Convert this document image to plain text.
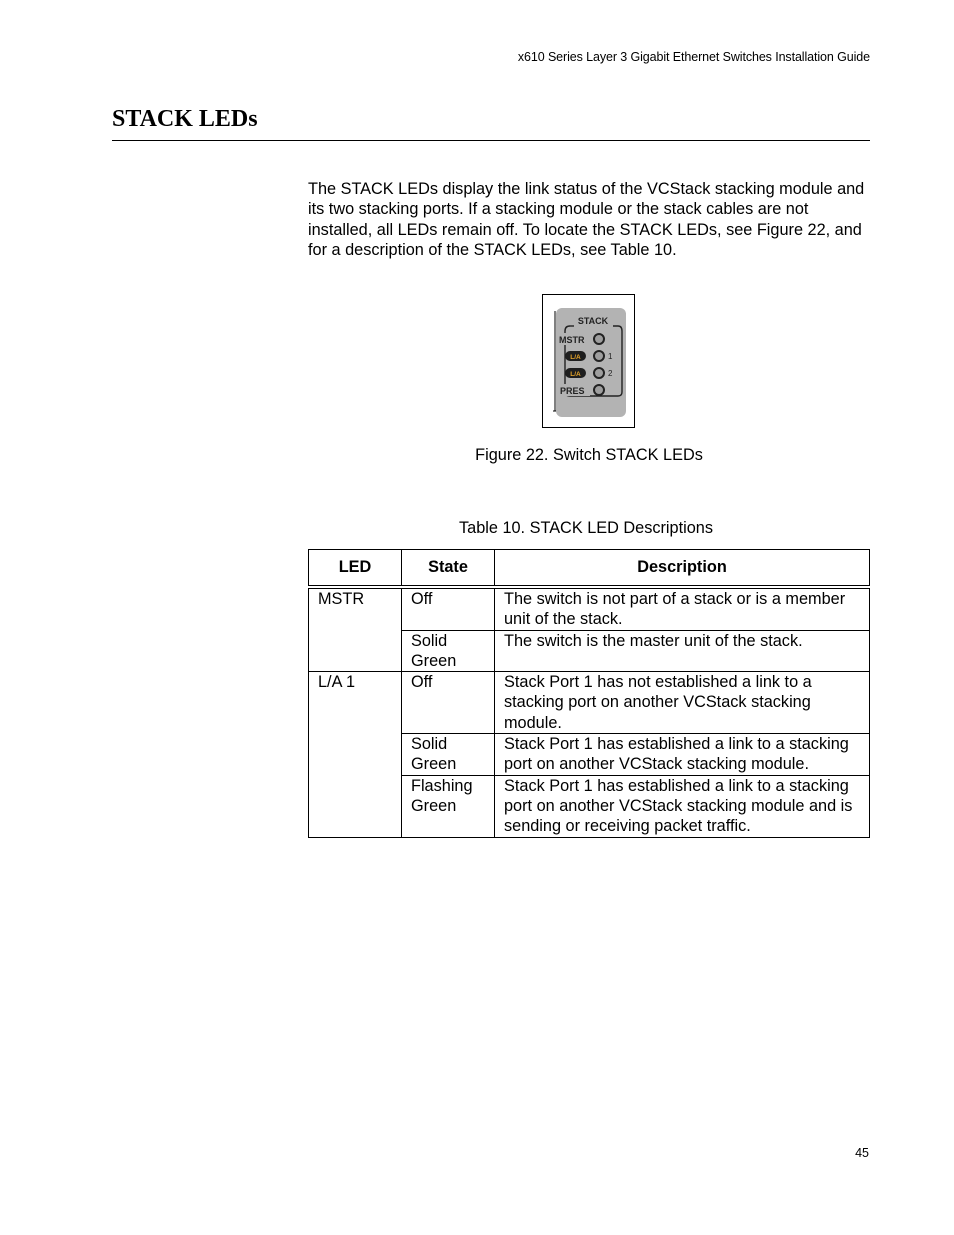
x610 Series Layer 3 Gigabit Ethernet Switches Installation Guide
STACK LEDs

The STACK LEDs display the link status of the VCStack stacking module and its two stacking ports. If a stacking module or the stack cables are not installed, all LEDs remain off. To locate the STACK LEDs, see Figure 22, and for a description of the STACK LEDs, see Table 10.

STACK
MSTR
L/A	1
L/A	2
PRES
Figure 22. Switch STACK LEDs
Table 10. STACK LED Descriptions
LED	State	Description
MSTR	Off	The switch is not part of a stack or is a member unit of the stack.
	Solid Green	The switch is the master unit of the stack.
L/A 1	Off	Stack Port 1 has not established a link to a stacking port on another VCStack stacking module.
	Solid Green	Stack Port 1 has established a link to a stacking port on another VCStack stacking module.
	Flashing Green	Stack Port 1 has established a link to a stacking port on another VCStack stacking module and is sending or receiving packet traffic.
45
